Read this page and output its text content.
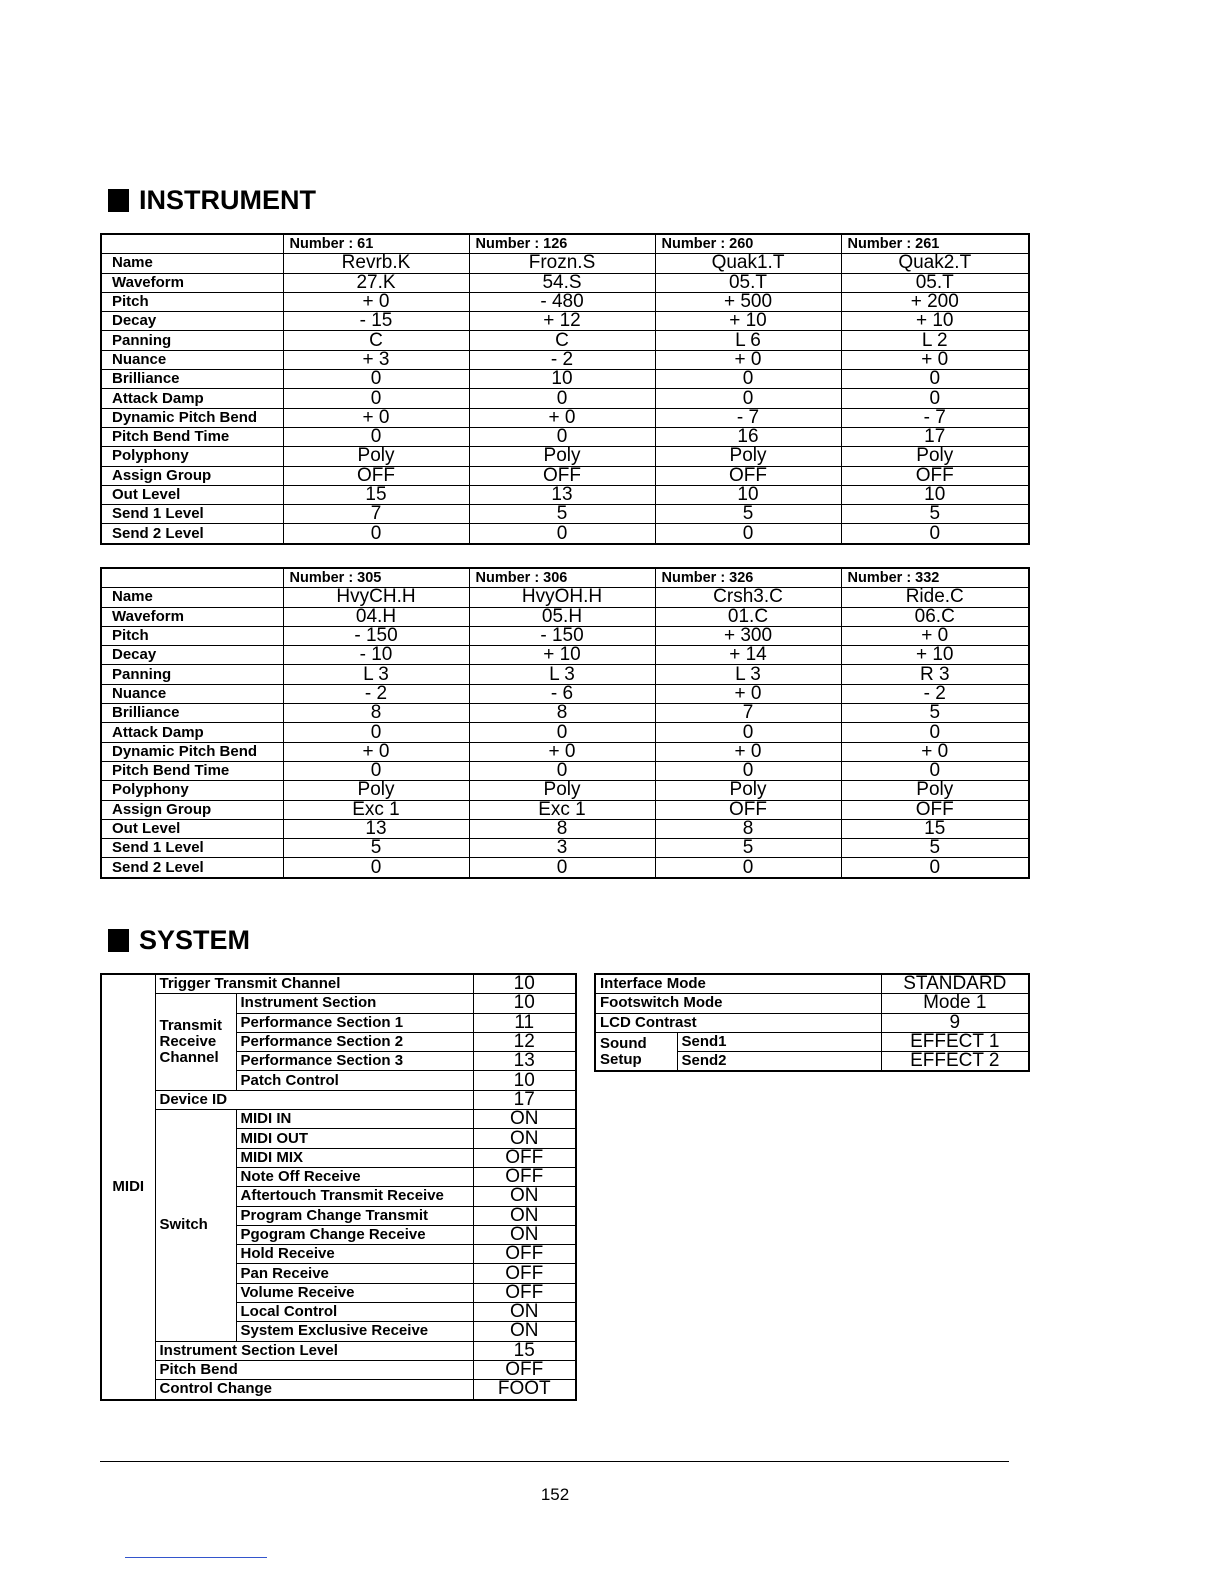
INSTRUMENT
	Number : 61	Number : 126	Number : 260	Number : 261
Name	Revrb.K	Frozn.S	Quak1.T	Quak2.T
Waveform	27.K	54.S	05.T	05.T
Pitch	+ 0	- 480	+ 500	+ 200
Decay	- 15	+ 12	+ 10	+ 10
Panning	C	C	L 6	L 2
Nuance	+ 3	- 2	+ 0	+ 0
Brilliance	0	10	0	0
Attack Damp	0	0	0	0
Dynamic Pitch Bend	+ 0	+ 0	- 7	- 7
Pitch Bend Time	0	0	16	17
Polyphony	Poly	Poly	Poly	Poly
Assign Group	OFF	OFF	OFF	OFF
Out Level	15	13	10	10
Send 1 Level	7	5	5	5
Send 2 Level	0	0	0	0
	Number : 305	Number : 306	Number : 326	Number : 332
Name	HvyCH.H	HvyOH.H	Crsh3.C	Ride.C
Waveform	04.H	05.H	01.C	06.C
Pitch	- 150	- 150	+ 300	+ 0
Decay	- 10	+ 10	+ 14	+ 10
Panning	L 3	L 3	L 3	R 3
Nuance	- 2	- 6	+ 0	- 2
Brilliance	8	8	7	5
Attack Damp	0	0	0	0
Dynamic Pitch Bend	+ 0	+ 0	+ 0	+ 0
Pitch Bend Time	0	0	0	0
Polyphony	Poly	Poly	Poly	Poly
Assign Group	Exc 1	Exc 1	OFF	OFF
Out Level	13	8	8	15
Send 1 Level	5	3	5	5
Send 2 Level	0	0	0	0
SYSTEM
MIDI	Trigger Transmit Channel		10
	Transmit Receive Channel	Instrument Section	10
		Performance Section 1	11
		Performance Section 2	12
		Performance Section 3	13
		Patch Control	10
	Device ID		17
	Switch	MIDI IN	ON
		MIDI OUT	ON
		MIDI MIX	OFF
		Note Off Receive	OFF
		Aftertouch Transmit Receive	ON
		Program Change Transmit	ON
		Pgogram Change Receive	ON
		Hold Receive	OFF
		Pan Receive	OFF
		Volume Receive	OFF
		Local Control	ON
		System Exclusive Receive	ON
	Instrument Section Level		15
	Pitch Bend		OFF
	Control Change		FOOT
Interface Mode		STANDARD
Footswitch Mode		Mode 1
LCD Contrast		9
Sound Setup	Send1	EFFECT 1
	Send2	EFFECT 2
152
